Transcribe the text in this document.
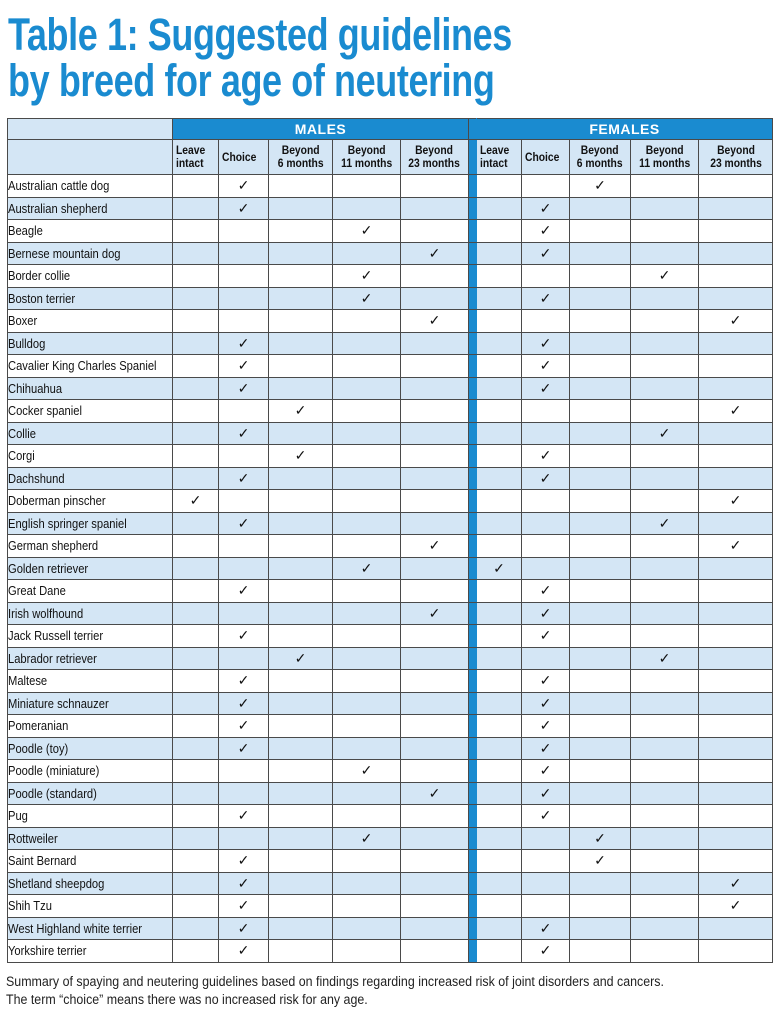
Table 1: Suggested guidelines
by breed for age of neutering
	MALES						FEMALES				

	Leave
intact	Choice	Beyond
6 months	Beyond
11 months	Beyond
23 months		Leave
intact	Choice	Beyond
6 months	Beyond
11 months	Beyond
23 months

Australian cattle dog		✓							✓		
Australian shepherd		✓						✓			
Beagle				✓				✓			
Bernese mountain dog					✓			✓			
Border collie				✓						✓	
Boston terrier				✓				✓			
Boxer					✓						✓
Bulldog		✓						✓			
Cavalier King Charles Spaniel		✓						✓			
Chihuahua		✓						✓			
Cocker spaniel			✓								✓
Collie		✓								✓	
Corgi			✓					✓			
Dachshund		✓						✓			
Doberman pinscher	✓										✓
English springer spaniel		✓								✓	
German shepherd					✓						✓
Golden retriever				✓			✓				
Great Dane		✓						✓			
Irish wolfhound					✓			✓			
Jack Russell terrier		✓						✓			
Labrador retriever			✓							✓	
Maltese		✓						✓			
Miniature schnauzer		✓						✓			
Pomeranian		✓						✓			
Poodle (toy)		✓						✓			
Poodle (miniature)				✓				✓			
Poodle (standard)					✓			✓			
Pug		✓						✓			
Rottweiler				✓					✓		
Saint Bernard		✓							✓		
Shetland sheepdog		✓									✓
Shih Tzu		✓									✓
West Highland white terrier		✓						✓			
Yorkshire terrier		✓						✓			
Summary of spaying and neutering guidelines based on findings regarding increased risk of joint disorders and cancers.
The term “choice” means there was no increased risk for any age.
